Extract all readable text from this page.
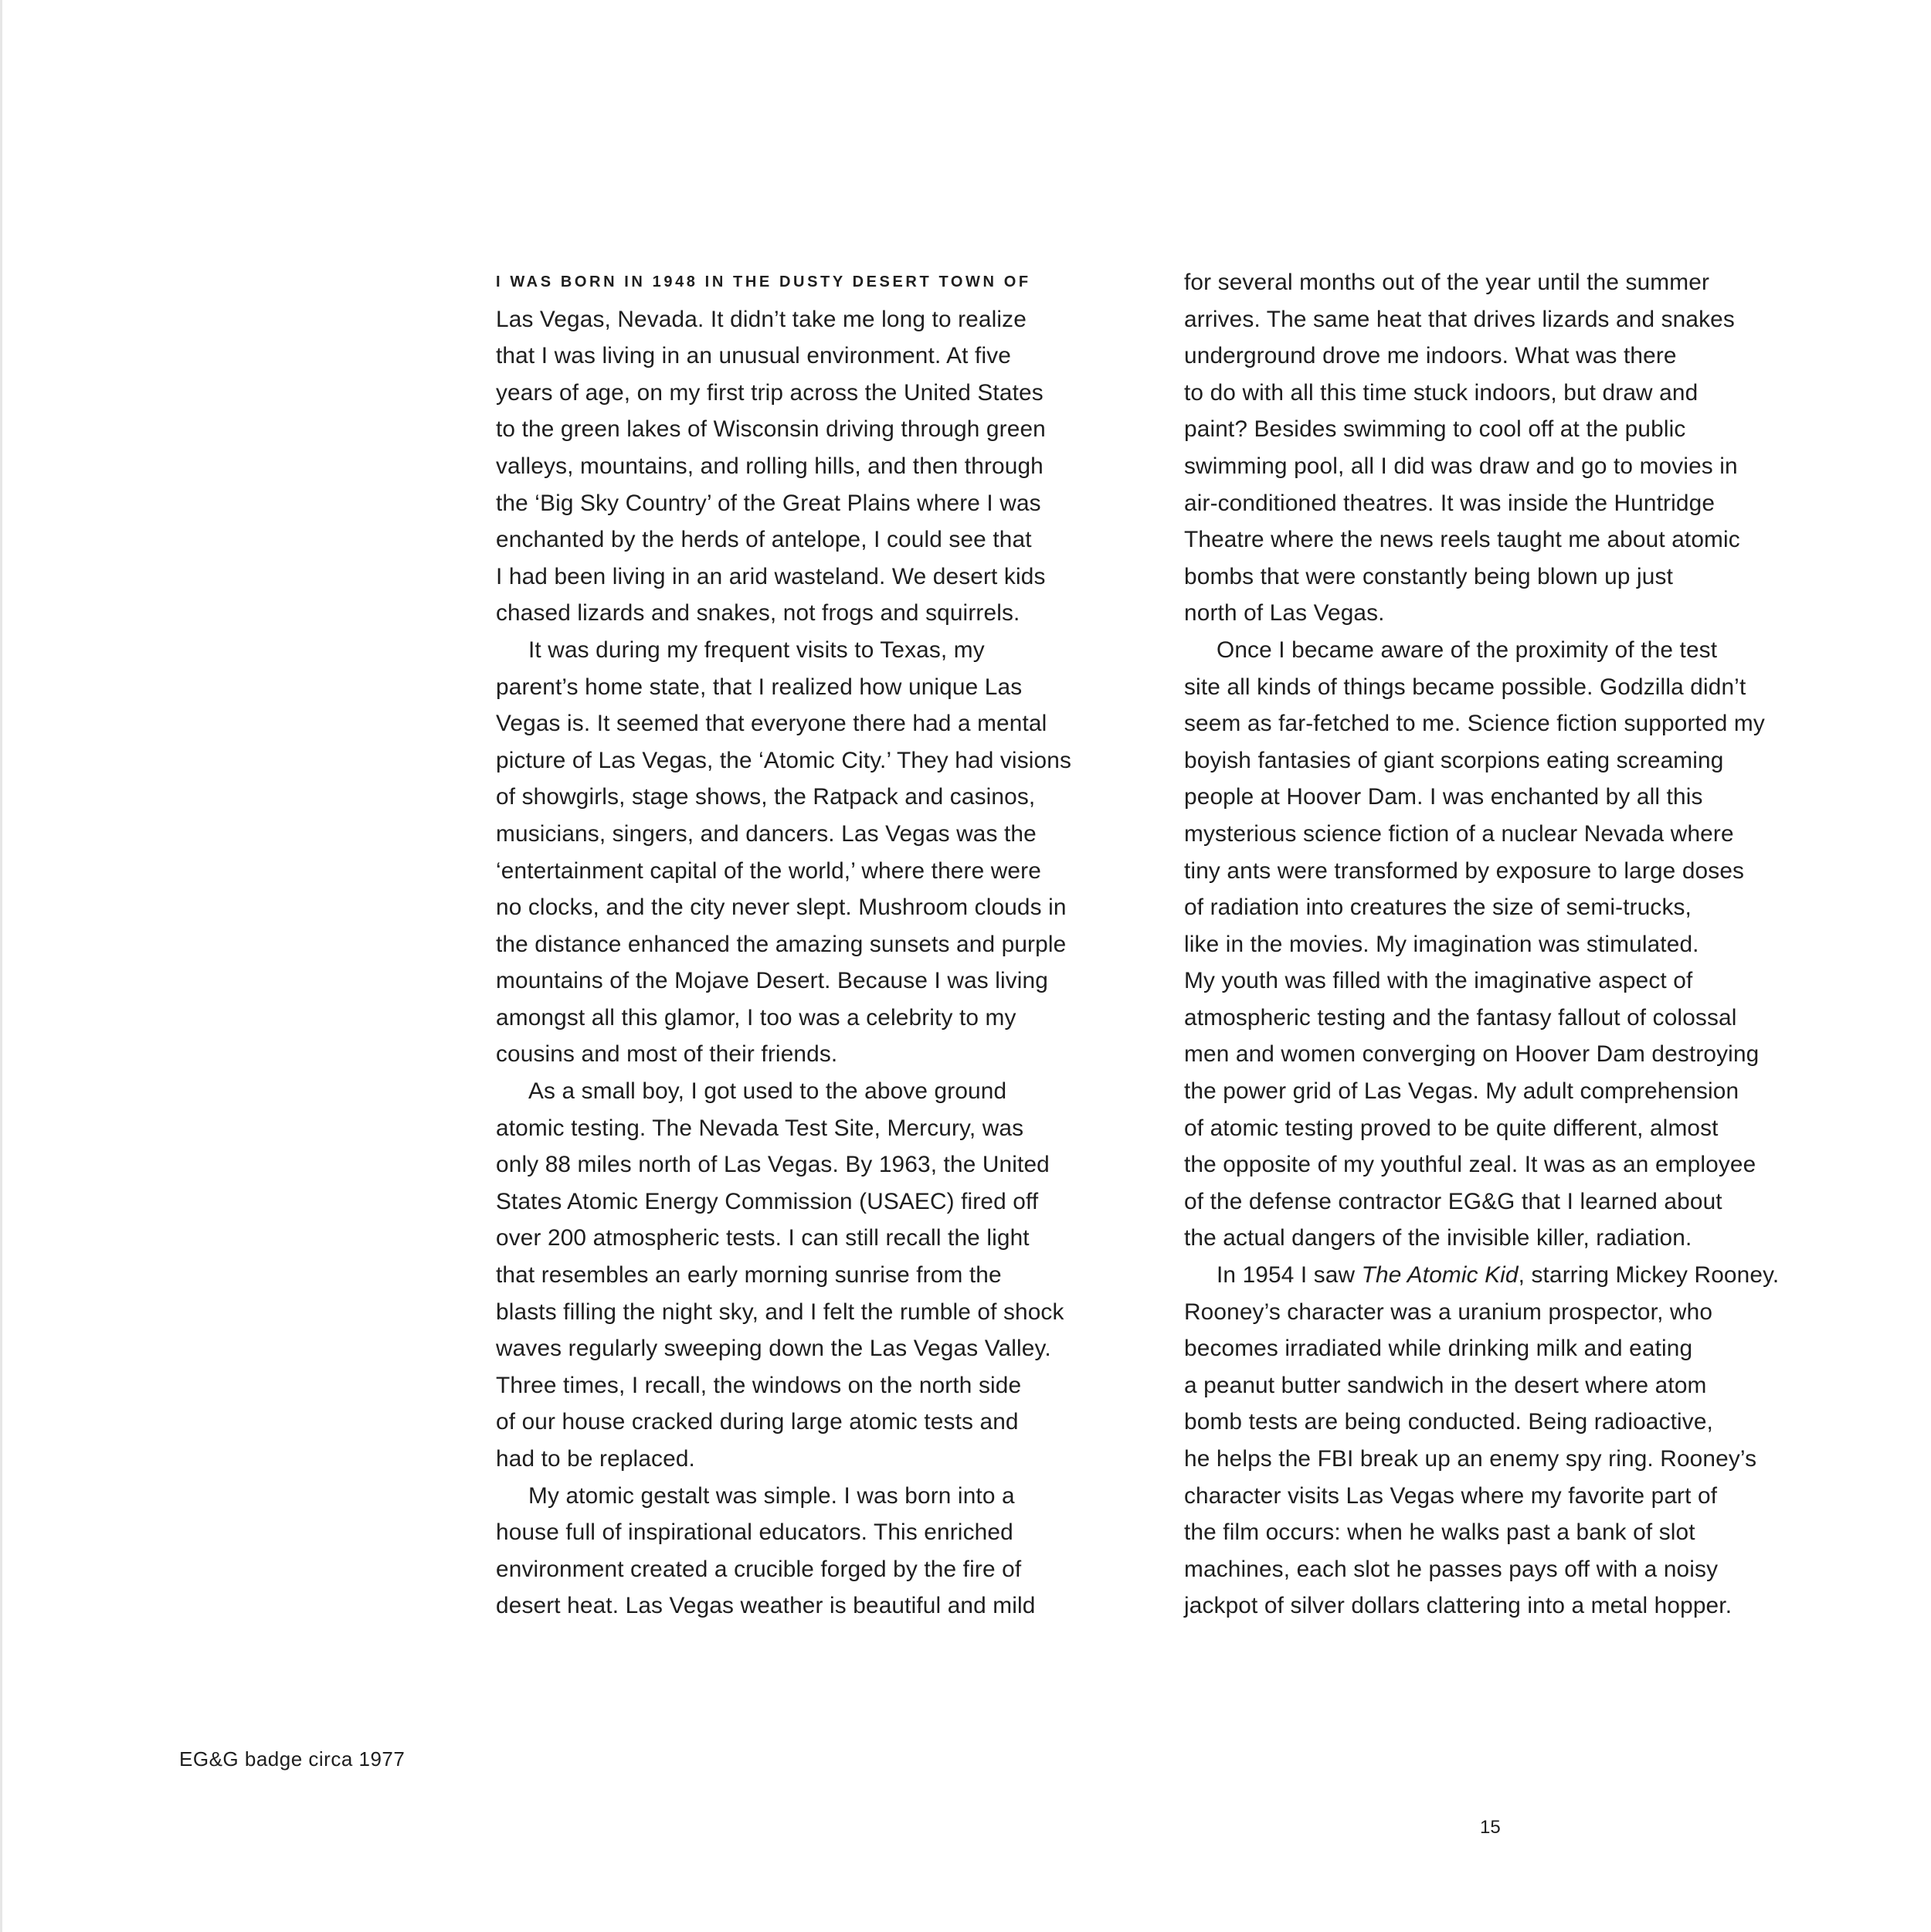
I WAS BORN IN 1948 IN THE DUSTY DESERT TOWN OF
Las Vegas, Nevada. It didn’t take me long to realize
that I was living in an unusual environment. At five
years of age, on my first trip across the United States
to the green lakes of Wisconsin driving through green
valleys, mountains, and rolling hills, and then through
the ‘Big Sky Country’ of the Great Plains where I was
enchanted by the herds of antelope, I could see that
I had been living in an arid wasteland. We desert kids
chased lizards and snakes, not frogs and squirrels.
It was during my frequent visits to Texas, my
parent’s home state, that I realized how unique Las
Vegas is. It seemed that everyone there had a mental
picture of Las Vegas, the ‘Atomic City.’ They had visions
of showgirls, stage shows, the Ratpack and casinos,
musicians, singers, and dancers. Las Vegas was the
‘entertainment capital of the world,’ where there were
no clocks, and the city never slept. Mushroom clouds in
the distance enhanced the amazing sunsets and purple
mountains of the Mojave Desert. Because I was living
amongst all this glamor, I too was a celebrity to my
cousins and most of their friends.
As a small boy, I got used to the above ground
atomic testing. The Nevada Test Site, Mercury, was
only 88 miles north of Las Vegas. By 1963, the United
States Atomic Energy Commission (USAEC) fired off
over 200 atmospheric tests. I can still recall the light
that resembles an early morning sunrise from the
blasts filling the night sky, and I felt the rumble of shock
waves regularly sweeping down the Las Vegas Valley.
Three times, I recall, the windows on the north side
of our house cracked during large atomic tests and
had to be replaced.
My atomic gestalt was simple. I was born into a
house full of inspirational educators. This enriched
environment created a crucible forged by the fire of
desert heat. Las Vegas weather is beautiful and mild
for several months out of the year until the summer
arrives. The same heat that drives lizards and snakes
underground drove me indoors. What was there
to do with all this time stuck indoors, but draw and
paint? Besides swimming to cool off at the public
swimming pool, all I did was draw and go to movies in
air-conditioned theatres. It was inside the Huntridge
Theatre where the news reels taught me about atomic
bombs that were constantly being blown up just
north of Las Vegas.
Once I became aware of the proximity of the test
site all kinds of things became possible. Godzilla didn’t
seem as far-fetched to me. Science fiction supported my
boyish fantasies of giant scorpions eating screaming
people at Hoover Dam. I was enchanted by all this
mysterious science fiction of a nuclear Nevada where
tiny ants were transformed by exposure to large doses
of radiation into creatures the size of semi-trucks,
like in the movies. My imagination was stimulated.
My youth was filled with the imaginative aspect of
atmospheric testing and the fantasy fallout of colossal
men and women converging on Hoover Dam destroying
the power grid of Las Vegas. My adult comprehension
of atomic testing proved to be quite different, almost
the opposite of my youthful zeal. It was as an employee
of the defense contractor EG&G that I learned about
the actual dangers of the invisible killer, radiation.
In 1954 I saw The Atomic Kid, starring Mickey Rooney.
Rooney’s character was a uranium prospector, who
becomes irradiated while drinking milk and eating
a peanut butter sandwich in the desert where atom
bomb tests are being conducted. Being radioactive,
he helps the FBI break up an enemy spy ring. Rooney’s
character visits Las Vegas where my favorite part of
the film occurs: when he walks past a bank of slot
machines, each slot he passes pays off with a noisy
jackpot of silver dollars clattering into a metal hopper.
EG&G badge circa 1977
15
